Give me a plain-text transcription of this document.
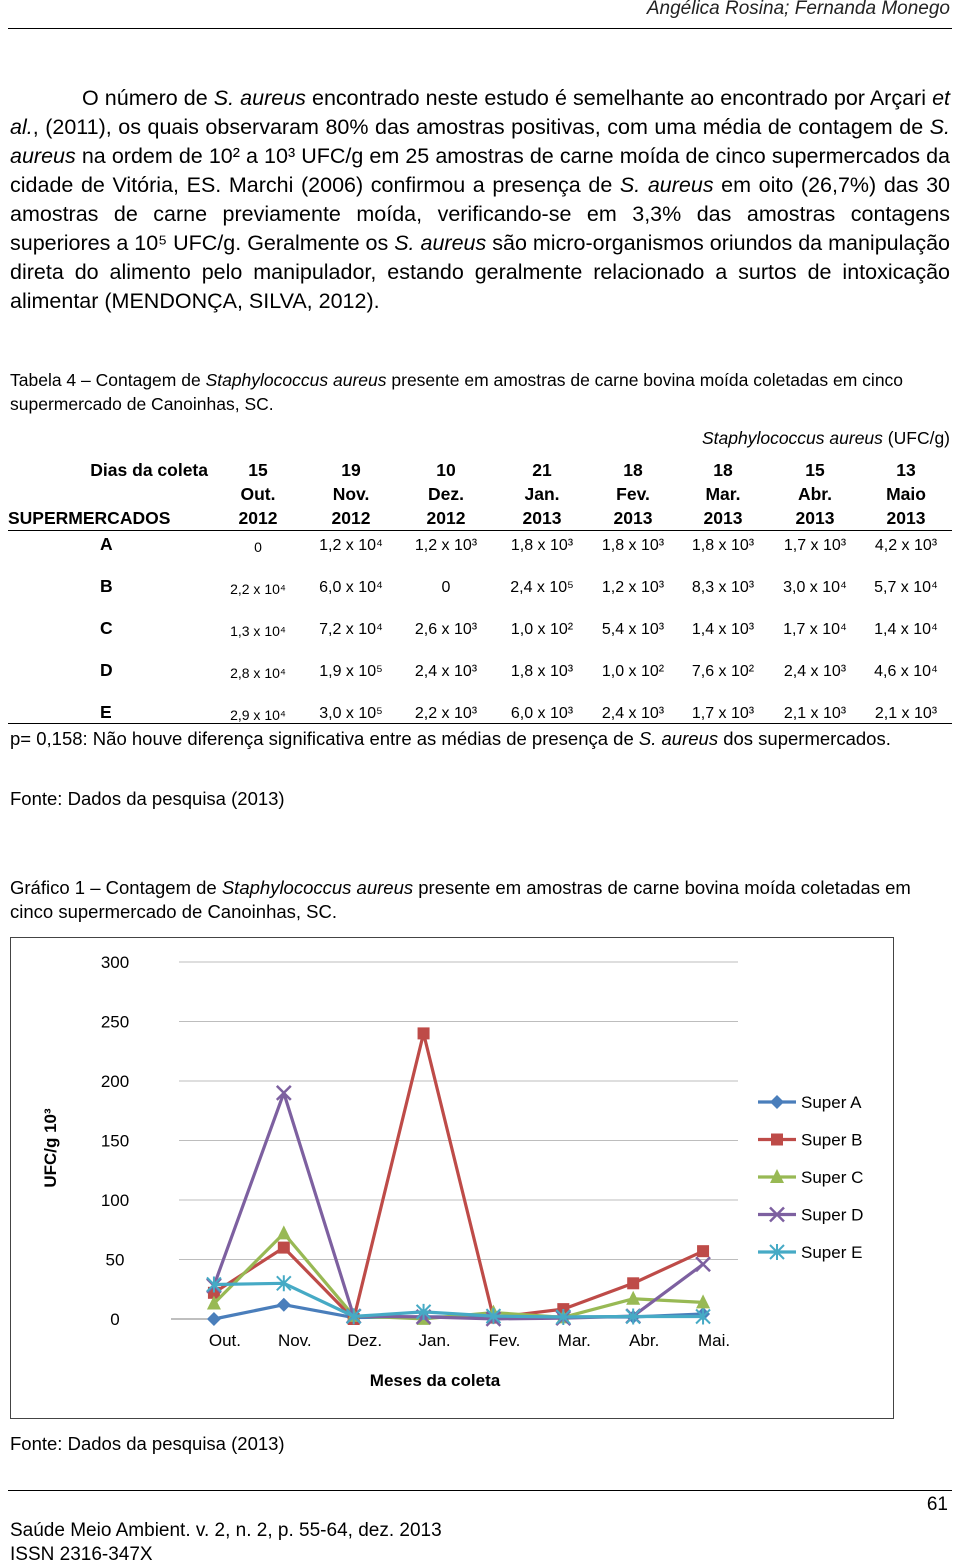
Angélica Rosina; Fernanda Monego

O número de S. aureus encontrado neste estudo é semelhante ao encontrado por Arçari et al., (2011), os quais observaram 80% das amostras positivas, com uma média de contagem de S. aureus na ordem de 10² a 10³ UFC/g em 25 amostras de carne moída de cinco supermercados da cidade de Vitória, ES. Marchi (2006) confirmou a presença de S. aureus em oito (26,7%) das 30 amostras de carne previamente moída, verificando-se em 3,3% das amostras contagens superiores a 10⁵ UFC/g. Geralmente os S. aureus são micro-organismos oriundos da manipulação direta do alimento pelo manipulador, estando geralmente relacionado a surtos de intoxicação alimentar (MENDONÇA, SILVA, 2012).

Tabela 4 – Contagem de Staphylococcus aureus presente em amostras de carne bovina moída coletadas em cinco supermercado de Canoinhas, SC.
Staphylococcus aureus (UFC/g)
Dias da coleta	15	19	10	21	18	18	15	13
	Out.	Nov.	Dez.	Jan.	Fev.	Mar.	Abr.	Maio
SUPERMERCADOS	2012	2012	2012	2013	2013	2013	2013	2013
A	0	1,2 x 10⁴	1,2 x 10³	1,8 x 10³	1,8 x 10³	1,8 x 10³	1,7 x 10³	4,2 x 10³
B	2,2 x 10⁴	6,0 x 10⁴	0	2,4 x 10⁵	1,2 x 10³	8,3 x 10³	3,0 x 10⁴	5,7 x 10⁴
C	1,3 x 10⁴	7,2 x 10⁴	2,6 x 10³	1,0 x 10²	5,4 x 10³	1,4 x 10³	1,7 x 10⁴	1,4 x 10⁴
D	2,8 x 10⁴	1,9 x 10⁵	2,4 x 10³	1,8 x 10³	1,0 x 10²	7,6 x 10²	2,4 x 10³	4,6 x 10⁴
E	2,9 x 10⁴	3,0 x 10⁵	2,2 x 10³	6,0 x 10³	2,4 x 10³	1,7 x 10³	2,1 x 10³	2,1 x 10³
p= 0,158: Não houve diferença significativa entre as médias de presença de S. aureus dos supermercados.
Fonte: Dados da pesquisa (2013)
Gráfico 1 – Contagem de Staphylococcus aureus presente em amostras de carne bovina moída coletadas em cinco supermercado de Canoinhas, SC.
0
50
100
150
200
250
300
Out. Nov. Dez. Jan. Fev. Mar. Abr. Mai.
Meses da coleta
UFC/g 10³
Super A
Super B
Super C
Super D
Super E
Fonte: Dados da pesquisa (2013)
61
Saúde Meio Ambient. v. 2, n. 2, p. 55-64, dez. 2013
ISSN 2316-347X
